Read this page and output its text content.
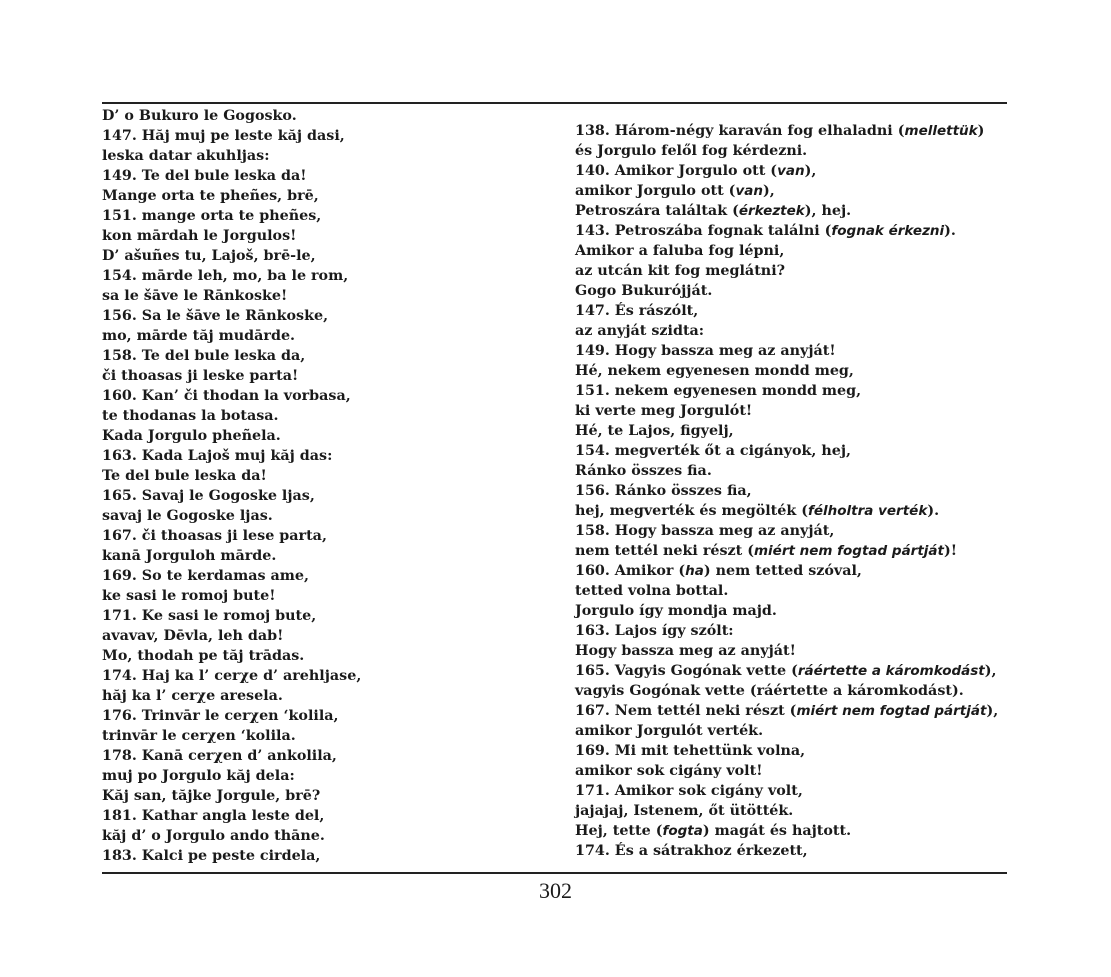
D’ o Bukuro le Gogosko.
147. Hăj muj pe leste kăj dasi,
leska datar akuhljas:
149. Te del bule leska da!
Mange orta te pheñes, brē,
151. mange orta te pheñes,
kon mārdah le Jorgulos!
D’ ašuñes tu, Lajoš, brē-le,
154. mārde leh, mo, ba le rom,
sa le šāve le Rānkoske!
156. Sa le šāve le Rānkoske,
mo, mārde tăj mudārde.
158. Te del bule leska da,
či thoasas ji leske parta!
160. Kan’ či thodan la vorbasa,
te thodanas la botasa.
Kada Jorgulo pheñela.
163. Kada Lajoš muj kăj das:
Te del bule leska da!
165. Savaj le Gogoske ljas,
savaj le Gogoske ljas.
167. či thoasas ji lese parta,
kanā Jorguloh mārde.
169. So te kerdamas ame,
ke sasi le romoj bute!
171. Ke sasi le romoj bute,
avavav, Dēvla, leh dab!
Mo, thodah pe tăj trādas.
174. Haj ka l’ cerχe d’ arehljase,
hăj ka l’ cerχe aresela.
176. Trinvār le cerχen ‘kolila,
trinvār le cerχen ‘kolila.
178. Kanā cerχen d’ ankolila,
muj po Jorgulo kăj dela:
Kăj san, tăjke Jorgule, brē?
181. Kathar angla leste del,
kăj d’ o Jorgulo ando thāne.
183. Kalci pe peste cirdela,
138. Három-négy karaván fog elhaladni (mellettük)
és Jorgulo felől fog kérdezni.
140. Amikor Jorgulo ott (van),
amikor Jorgulo ott (van),
Petroszára találtak (érkeztek), hej.
143. Petroszába fognak találni (fognak érkezni).
Amikor a faluba fog lépni,
az utcán kit fog meglátni?
Gogo Bukurójját.
147. És rászólt,
az anyját szidta:
149. Hogy bassza meg az anyját!
Hé, nekem egyenesen mondd meg,
151. nekem egyenesen mondd meg,
ki verte meg Jorgulót!
Hé, te Lajos, figyelj,
154. megverték őt a cigányok, hej,
Ránko összes fia.
156. Ránko összes fia,
hej, megverték és megölték (félholtra verték).
158. Hogy bassza meg az anyját,
nem tettél neki részt (miért nem fogtad pártját)!
160. Amikor (ha) nem tetted szóval,
tetted volna bottal.
Jorgulo így mondja majd.
163. Lajos így szólt:
Hogy bassza meg az anyját!
165. Vagyis Gogónak vette (ráértette a káromkodást),
vagyis Gogónak vette (ráértette a káromkodást).
167. Nem tettél neki részt (miért nem fogtad pártját),
amikor Jorgulót verték.
169. Mi mit tehettünk volna,
amikor sok cigány volt!
171. Amikor sok cigány volt,
jajajaj, Istenem, őt ütötték.
Hej, tette (fogta) magát és hajtott.
174. És a sátrakhoz érkezett,
302
